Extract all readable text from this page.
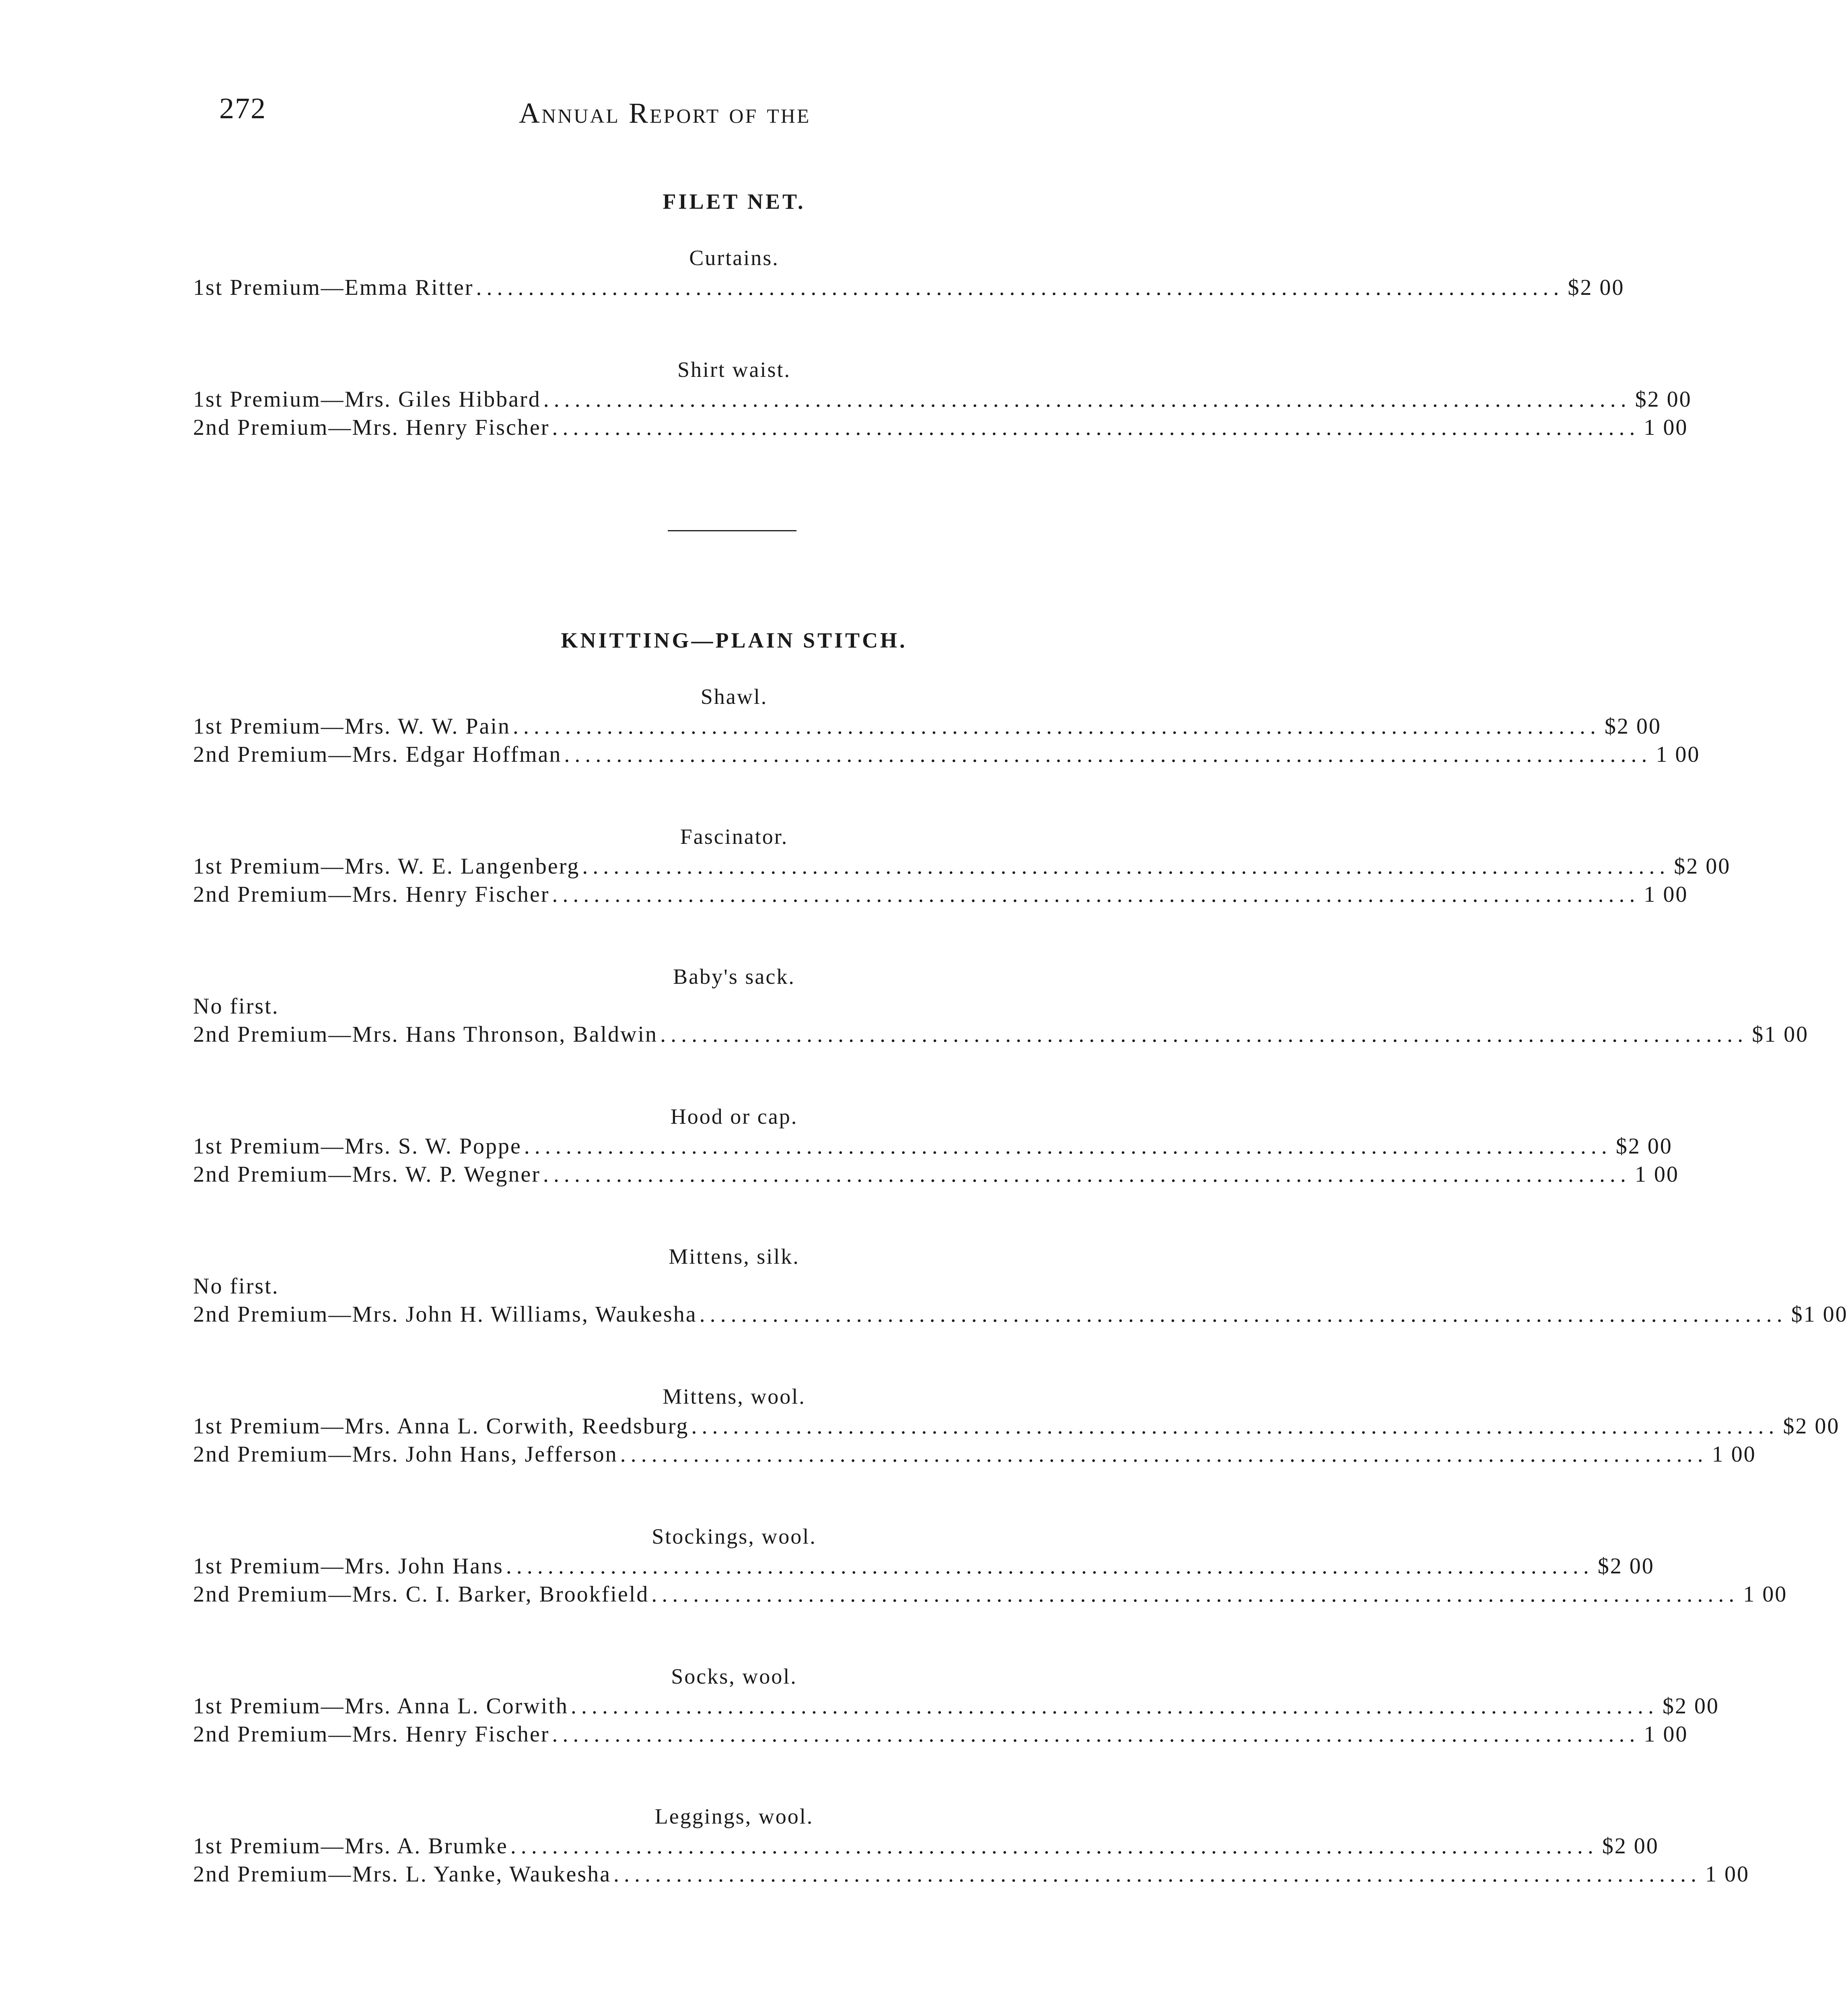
272	Annual Report of the
FILET NET.
Curtains.
1st Premium—Emma Ritter ........................................................................................................ $2 00
Shirt waist.
1st Premium—Mrs. Giles Hibbard ........................................................................................................ $2 00
2nd Premium—Mrs. Henry Fischer ........................................................................................................ 1 00
KNITTING—PLAIN STITCH.
Shawl.
1st Premium—Mrs. W. W. Pain ........................................................................................................ $2 00
2nd Premium—Mrs. Edgar Hoffman ........................................................................................................ 1 00
Fascinator.
1st Premium—Mrs. W. E. Langenberg ........................................................................................................ $2 00
2nd Premium—Mrs. Henry Fischer ........................................................................................................ 1 00
Baby's sack.
No first.
2nd Premium—Mrs. Hans Thronson, Baldwin ........................................................................................................ $1 00
Hood or cap.
1st Premium—Mrs. S. W. Poppe ........................................................................................................ $2 00
2nd Premium—Mrs. W. P. Wegner ........................................................................................................ 1 00
Mittens, silk.
No first.
2nd Premium—Mrs. John H. Williams, Waukesha ........................................................................................................ $1 00
Mittens, wool.
1st Premium—Mrs. Anna L. Corwith, Reedsburg ........................................................................................................ $2 00
2nd Premium—Mrs. John Hans, Jefferson ........................................................................................................ 1 00
Stockings, wool.
1st Premium—Mrs. John Hans ........................................................................................................ $2 00
2nd Premium—Mrs. C. I. Barker, Brookfield ........................................................................................................ 1 00
Socks, wool.
1st Premium—Mrs. Anna L. Corwith ........................................................................................................ $2 00
2nd Premium—Mrs. Henry Fischer ........................................................................................................ 1 00
Leggings, wool.
1st Premium—Mrs. A. Brumke ........................................................................................................ $2 00
2nd Premium—Mrs. L. Yanke, Waukesha ........................................................................................................ 1 00
